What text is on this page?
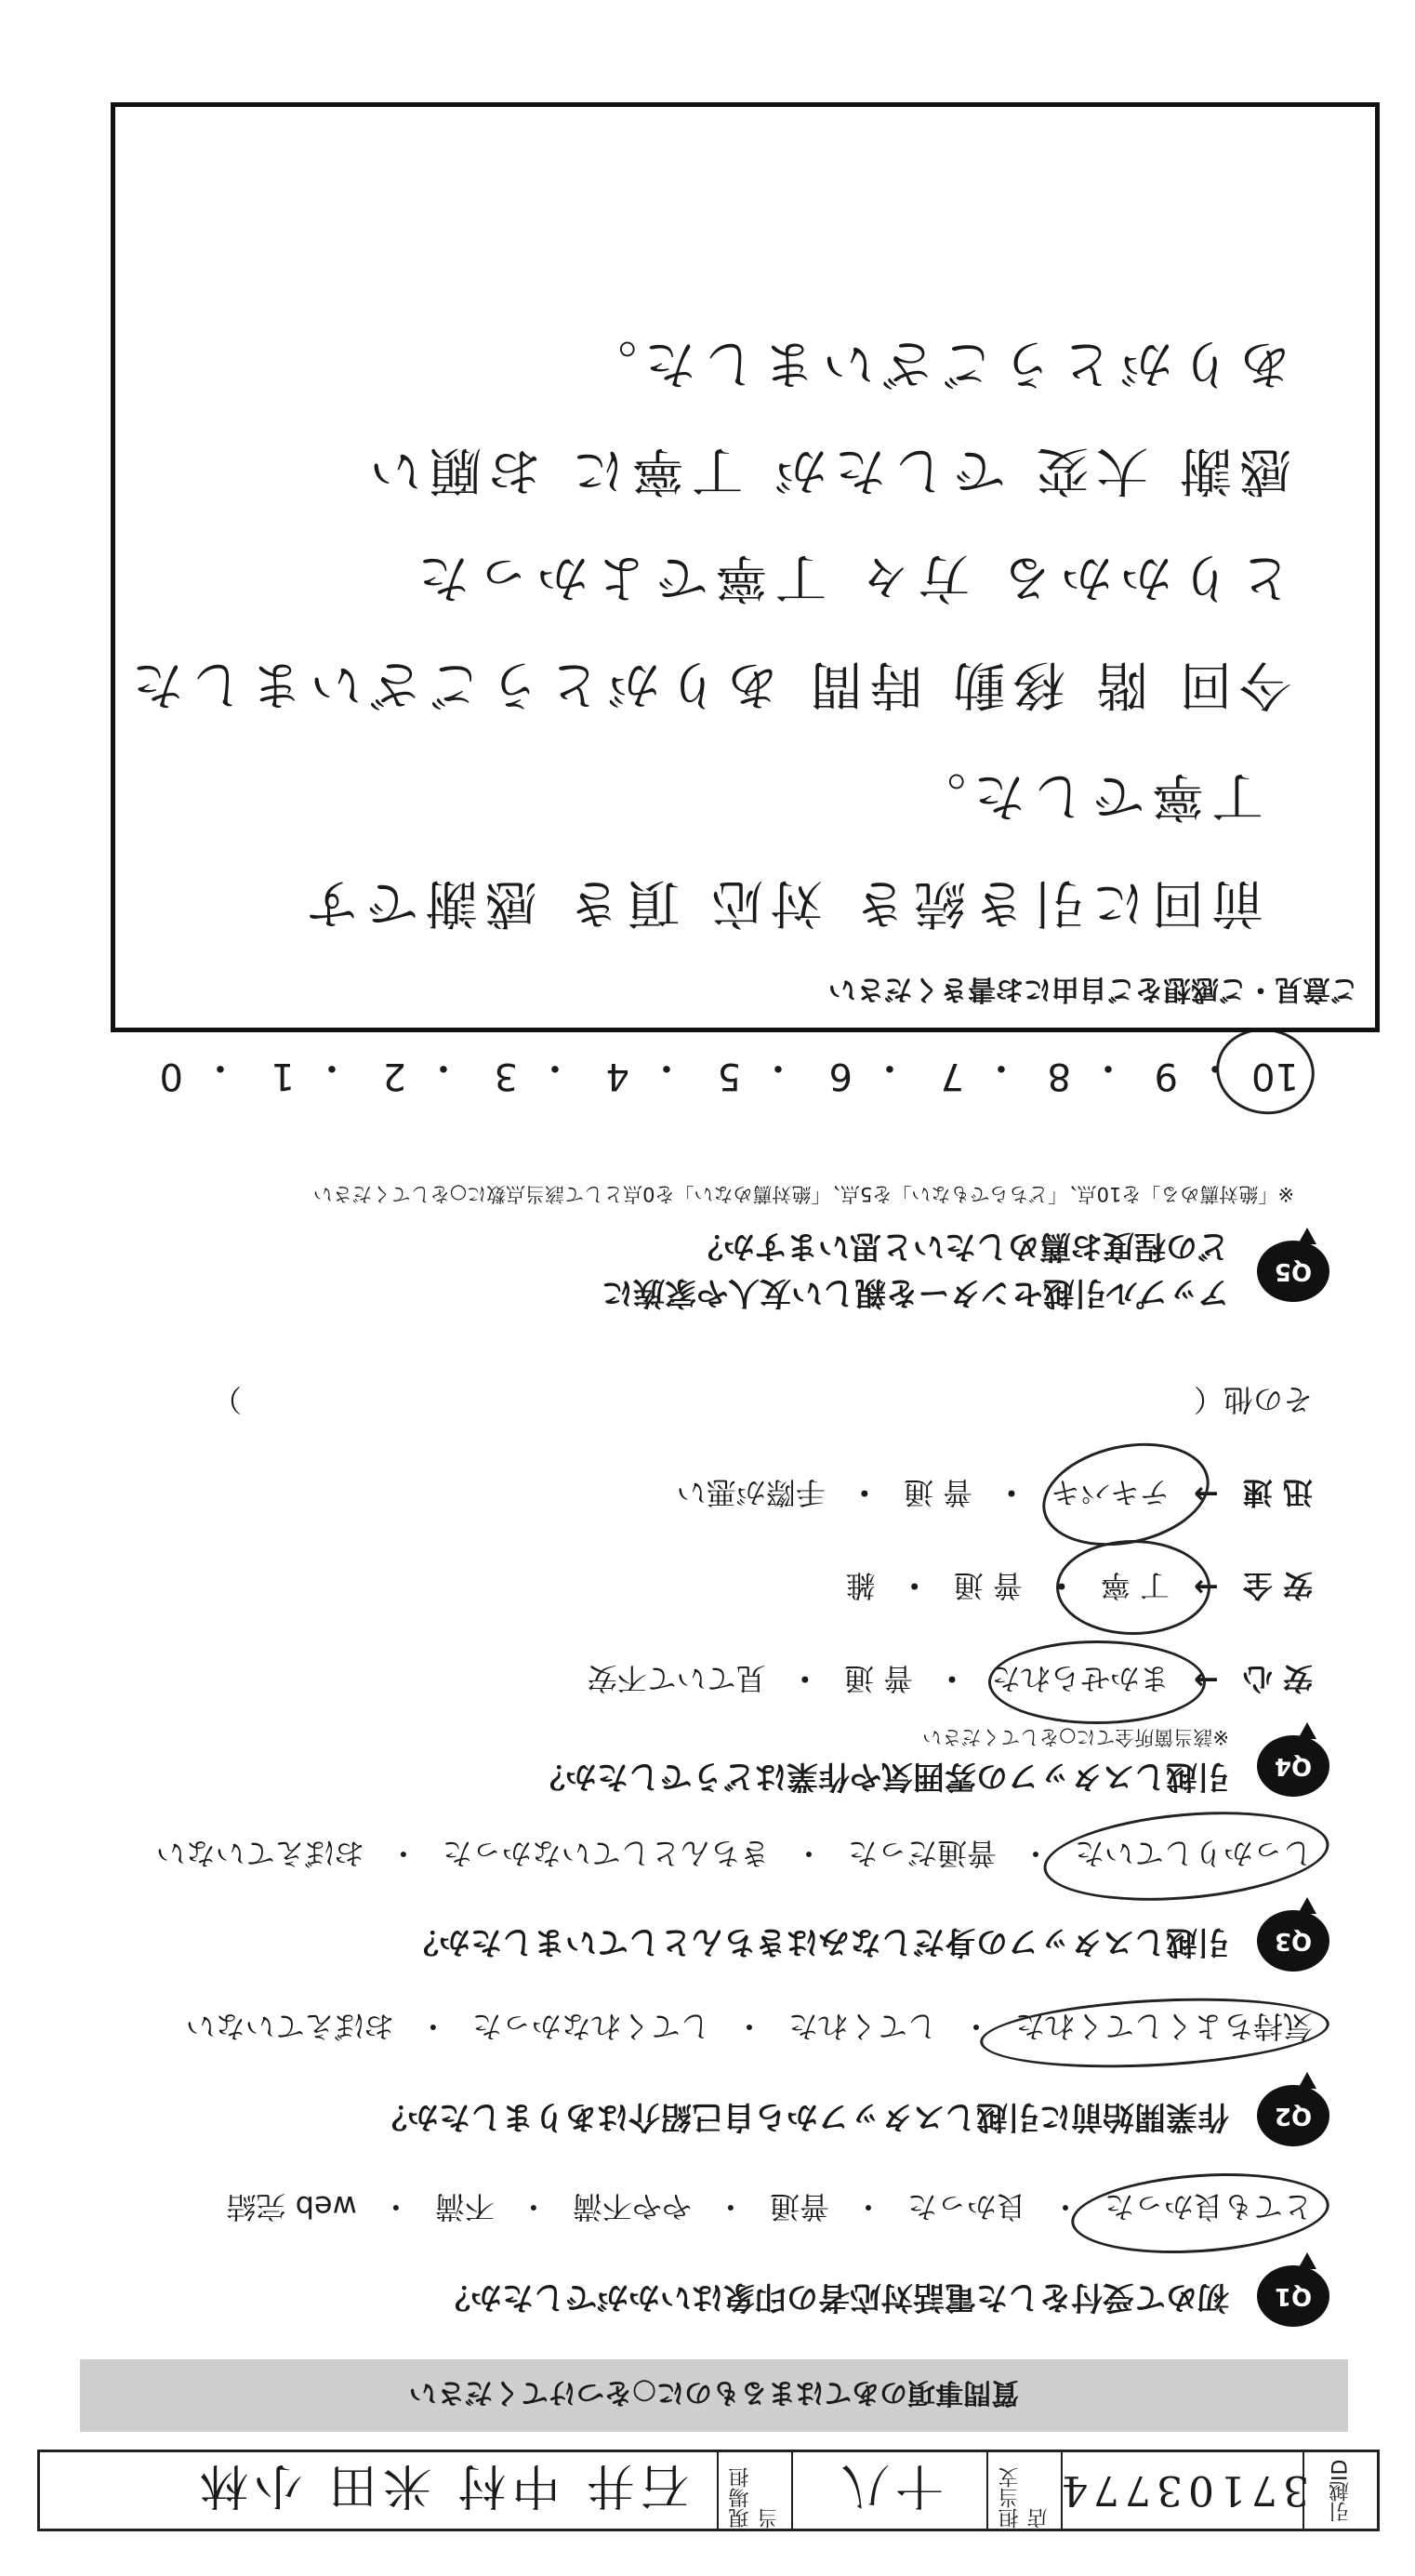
引越ID
37103774
担当支店
十八
現場担当
石井 中村 米田 小林
質問事項のあてはまるものに○をつけてください
Q1
初めて受付をした電話対応者の印象はいかがでしたか？
とても良かった
・
良かった
・
普通
・
やや不満
・
不満
・
web 完結
Q2
作業開始前に引越しスタッフから自己紹介はありましたか？
気持ちよくしてくれた
・
してくれた
・
してくれなかった
・
おぼえていない
Q3
引越しスタッフの身だしなみはきちんとしていましたか？
しっかりしていた
・
普通だった
・
きちんとしていなかった
・
おぼえていない
Q4
引越しスタッフの雰囲気や作業はどうでしたか？
※該当箇所全てに○をしてください
安 心
→
まかせられた
・
普 通
・
見ていて不安
安 全
→
丁 寧
・
普 通
・
雑
迅 速
→
テキパキ
・
普 通
・
手際が悪い
その他（　　　　　　　　　　　　　　　　　　　　　　　　　　　　　　　　）
Q5
アップル引越センターを親しい友人や家族に
どの程度お薦めしたいと思いますか？
※「絶対薦める」を10点、「どちらでもない」を5点、「絶対薦めない」を0点として該当点数に○をしてください
10
・
9
・
8
・
7
・
6
・
5
・
4
・
3
・
2
・
1
・
0
ご意見・ご感想をご自由にお書きください
前回に引き続き 対応 頂き 感謝です
丁寧でした。
今回 階 移動 時間 ありがとうございました
とりかかる 方々 丁寧でよかった
感謝 大変 でしたが 丁寧に お願い
ありがとうございました。
